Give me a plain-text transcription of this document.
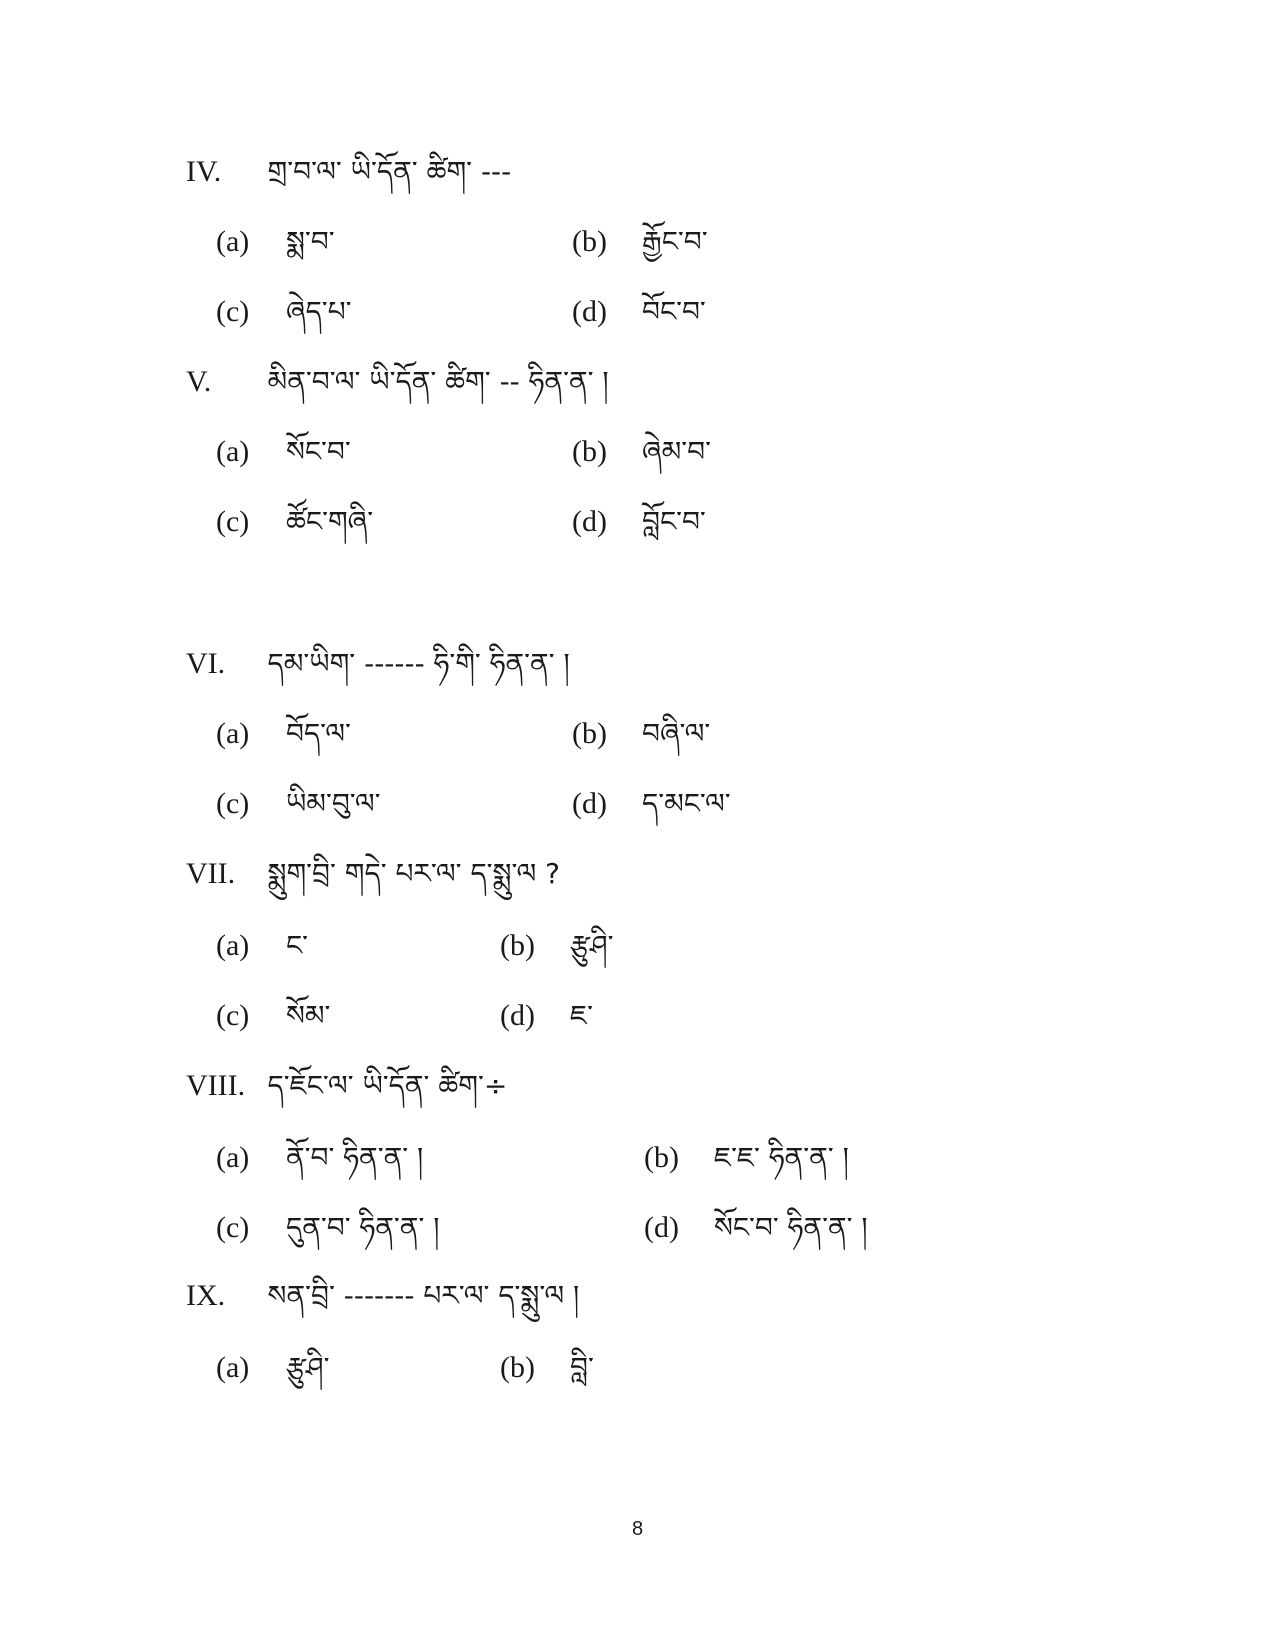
IV. གྲ་བ་ལ་ ཡི་དོན་ ཚིག་ ---
(a) སྨ་བ་	(b) རྒྱོང་བ་
(c) ཞེད་པ་	(d) བོང་བ་
V. མིན་བ་ལ་ ཡི་དོན་ ཚིག་ -- ཧིན་ན་ །
(a) སོང་བ་	(b) ཞེམ་བ་
(c) ཚོང་གཞི་	(d) བློང་བ་
VI. དམ་ཡིག་ ------ ཧི་གི་ ཧིན་ན་ །
(a) བོད་ལ་	(b) བཞི་ལ་
(c) ཡིམ་བུ་ལ་	(d) ད་མང་ལ་
VII. སྨུག་བྲི་ གདེ་ པར་ལ་ ད་སྨུ་ལ ?
(a) ང་	(b) རྩུཤི་
(c) སོམ་	(d) ཇ་
VIII. ད་ཇོང་ལ་ ཡི་དོན་ ཚིག་÷
(a) ནོ་བ་ ཧིན་ན་ །	(b) ཇ་ཇ་ ཧིན་ན་ །
(c) དུན་བ་ ཧིན་ན་ །	(d) སོང་བ་ ཧིན་ན་ །
IX. སན་བྲི་ ------- པར་ལ་ ད་སྨུ་ལ །
(a) རྩུཤི་	(b) བླི་
8
